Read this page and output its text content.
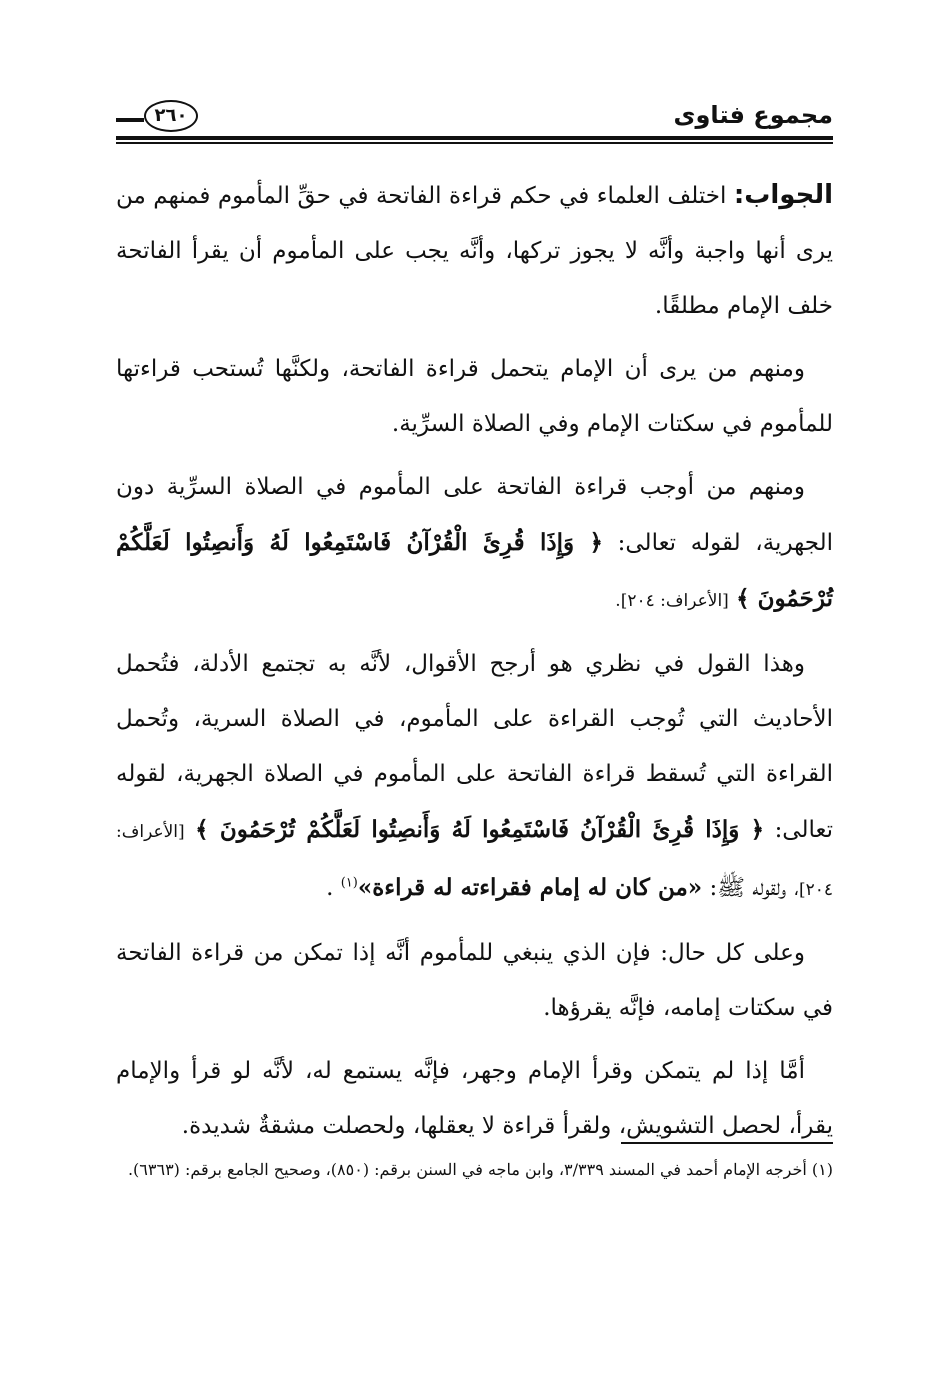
مجموع فتاوى
٢٦٠

الجواب: اختلف العلماء في حكم قراءة الفاتحة في حقِّ المأموم فمنهم من يرى أنها واجبة وأنَّه لا يجوز تركها، وأنَّه يجب على المأموم أن يقرأ الفاتحة خلف الإمام مطلقًا.

ومنهم من يرى أن الإمام يتحمل قراءة الفاتحة، ولكنَّها تُستحب قراءتها للمأموم في سكتات الإمام وفي الصلاة السرِّية.

ومنهم من أوجب قراءة الفاتحة على المأموم في الصلاة السرِّية دون الجهرية، لقوله تعالى: ﴿ وَإِذَا قُرِئَ الْقُرْآنُ فَاسْتَمِعُوا لَهُ وَأَنصِتُوا لَعَلَّكُمْ تُرْحَمُونَ ﴾ [الأعراف: ٢٠٤].

وهذا القول في نظري هو أرجح الأقوال، لأنَّه به تجتمع الأدلة، فتُحمل الأحاديث التي تُوجب القراءة على المأموم، في الصلاة السرية، وتُحمل القراءة التي تُسقط قراءة الفاتحة على المأموم في الصلاة الجهرية، لقوله تعالى: ﴿ وَإِذَا قُرِئَ الْقُرْآنُ فَاسْتَمِعُوا لَهُ وَأَنصِتُوا لَعَلَّكُمْ تُرْحَمُونَ ﴾ [الأعراف: ٢٠٤]، ولقوله ﷺ: «من كان له إمام فقراءته له قراءة»$^{(١)}$ .

وعلى كل حال: فإن الذي ينبغي للمأموم أنَّه إذا تمكن من قراءة الفاتحة في سكتات إمامه، فإنَّه يقرؤها.

أمَّا إذا لم يتمكن وقرأ الإمام وجهر، فإنَّه يستمع له، لأنَّه لو قرأ والإمام يقرأ، لحصل التشويش، ولقرأ قراءة لا يعقلها، ولحصلت مشقةٌ شديدة.

(١) أخرجه الإمام أحمد في المسند ٣/٣٣٩، وابن ماجه في السنن برقم: (٨٥٠)، وصحيح الجامع برقم: (٦٣٦٣).
